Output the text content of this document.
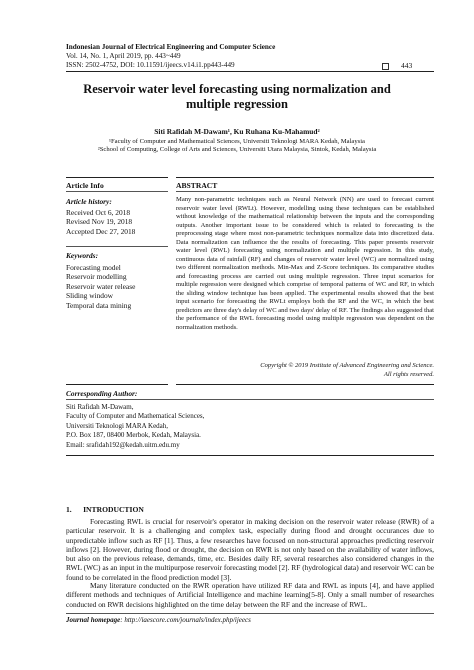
Indonesian Journal of Electrical Engineering and Computer Science
Vol. 14, No. 1, April 2019, pp. 443~449
ISSN: 2502-4752, DOI: 10.11591/ijeecs.v14.i1.pp443-449	443
Reservoir water level forecasting using normalization and
multiple regression
Siti Rafidah M-Dawam¹, Ku Ruhana Ku-Mahamud²
¹Faculty of Computer and Mathematical Sciences, Universiti Teknologi MARA Kedah, Malaysia
²School of Computing, College of Arts and Sciences, Universiti Utara Malaysia, Sintok, Kedah, Malaysia
Article Info	ABSTRACT
Article history:
Received Oct 6, 2018
Revised Nov 19, 2018
Accepted Dec 27, 2018
Keywords:
Forecasting model
Reservoir modelling
Reservoir water release
Sliding window
Temporal data mining
Many non-parametric techniques such as Neural Network (NN) are used to forecast current reservoir water level (RWLt). However, modelling using these techniques can be established without knowledge of the mathematical relationship between the inputs and the corresponding outputs. Another important issue to be considered which is related to forecasting is the preprocessing stage where most non-parametric techniques normalize data into discretized data. Data normalization can influence the the results of forecasting. This paper presents reservoir water level (RWL) forecasting using normalization and multiple regression. In this study, continuous data of rainfall (RF) and changes of reservoir water level (WC) are normalized using two different normalization methods. Min-Max and Z-Score techniques. Its comparative studies and forecasting process are carried out using multiple regression. Three input scenarios for multiple regression were designed which comprise of temporal patterns of WC and RF, in which the sliding window technique has been applied. The experimental results showed that the best input scenario for forecasting the RWLt employs both the RF and the WC, in which the best predictors are three day's delay of WC and two days' delay of RF. The findings also suggested that the performance of the RWL forecasting model using multiple regression was dependent on the normalization methods.
Copyright © 2019 Institute of Advanced Engineering and Science.
All rights reserved.
Corresponding Author:
Siti Rafidah M-Dawam,
Faculty of Computer and Mathematical Sciences,
Universiti Teknologi MARA Kedah,
P.O. Box 187, 08400 Merbok, Kedah, Malaysia.
Email: srafidah192@kedah.uitm.edu.my
1.      INTRODUCTION
Forecasting RWL is crucial for reservoir's operator in making decision on the reservoir water release (RWR) of a particular reservoir. It is a challenging and complex task, especially during flood and drought occurances due to unpredictable inflow such as RF [1]. Thus, a few researches have focused on non-structural approaches predicting reservoir inflows [2]. However, during flood or drought, the decision on RWR is not only based on the availability of water inflows, but also on the previous release, demands, time, etc. Besides daily RF, several researches also considered changes in the RWL (WC) as an input in the multipurpose reservoir forecasting model [2]. RF (hydrological data) and reservoir WC can be found to be correlated in the flood prediction model [3].
Many literature conducted on the RWR operation have utilized RF data and RWL as inputs [4], and have applied different methods and techniques of Artificial Intelligence and machine learning[5-8]. Only a small number of researches conducted on RWR decisions highlighted on the time delay between the RF and the increase of RWL.
Journal homepage: http://iaescore.com/journals/index.php/ijeecs
